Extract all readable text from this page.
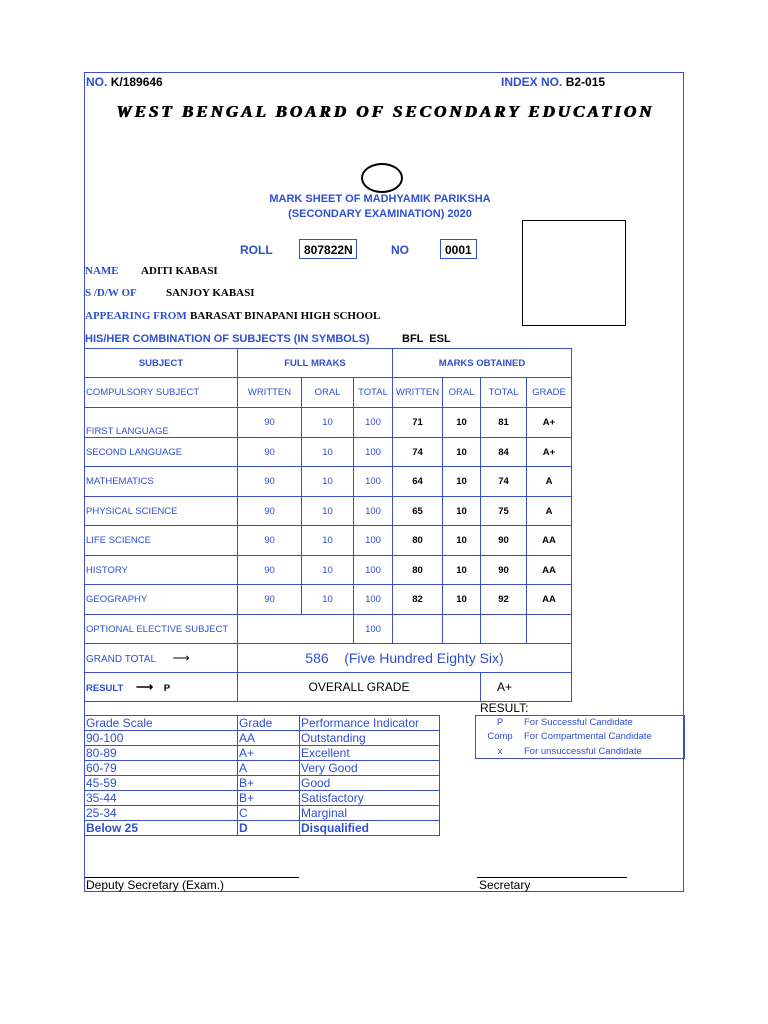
NO. K/189646	INDEX NO. B2-015
WEST BENGAL BOARD OF SECONDARY EDUCATION
MARK SHEET OF MADHYAMIK PARIKSHA
(SECONDARY EXAMINATION) 2020
ROLL	807822N	NO	0001
NAME ADITI KABASI
S /D/W OF	SANJOY KABASI
APPEARING FROM BARASAT BINAPANI HIGH SCHOOL
HIS/HER COMBINATION OF SUBJECTS (IN SYMBOLS)	BFL  ESL
SUBJECT	FULL MRAKS			MARKS OBTAINED			
COMPULSORY SUBJECT	WRITTEN	ORAL	TOTAL	WRITTEN	ORAL	TOTAL	GRADE
FIRST LANGUAGE	90	10	100	71	10	81	A+
SECOND LANGUAGE	90	10	100	74	10	84	A+
MATHEMATICS	90	10	100	64	10	74	A
PHYSICAL SCIENCE	90	10	100	65	10	75	A
LIFE SCIENCE	90	10	100	80	10	90	AA
HISTORY	90	10	100	80	10	90	AA
GEOGRAPHY	90	10	100	82	10	92	AA
OPTIONAL ELECTIVE SUBJECT			100				
GRAND TOTAL ⟶	586 (Five Hundred Eighty Six)						
RESULT ⟶ P	OVERALL GRADE					A+	
Grade Scale	Grade	Performance Indicator
90-100	AA	Outstanding
80-89	A+	Excellent
60-79	A	Very Good
45-59	B+	Good
35-44	B+	Satisfactory
25-34	C	Marginal
Below 25	D	Disqualified
RESULT:
P	For Successful Candidate
Comp	For Compartmental Candidate
x	For unsuccessful Candidate
Deputy Secretary (Exam.)	Secretary
